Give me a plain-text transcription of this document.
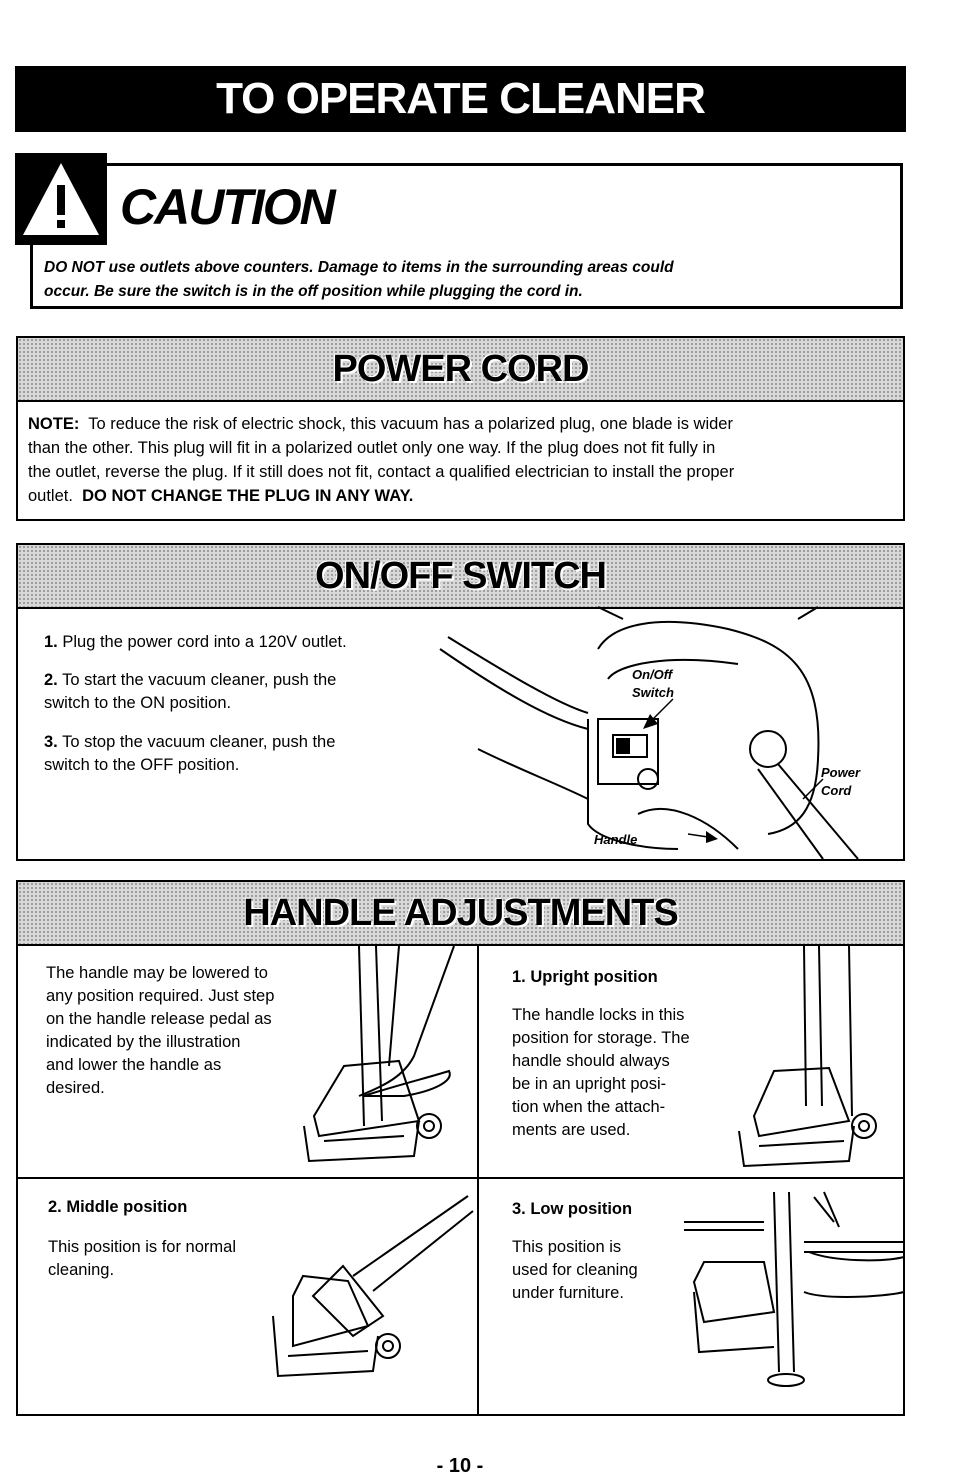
TO OPERATE CLEANER
CAUTION
DO NOT use outlets above counters. Damage to items in the surrounding areas could
occur. Be sure the switch is in the off position while plugging the cord in.
POWER CORD
NOTE: To reduce the risk of electric shock, this vacuum has a polarized plug, one blade is wider
than the other. This plug will fit in a polarized outlet only one way. If the plug does not fit fully in
the outlet, reverse the plug. If it still does not fit, contact a qualified electrician to install the proper
outlet. DO NOT CHANGE THE PLUG IN ANY WAY.
ON/OFF SWITCH
1. Plug the power cord into a 120V outlet.
2. To start the vacuum cleaner, push the
switch to the ON position.
3. To stop the vacuum cleaner, push the
switch to the OFF position.
On/Off
Switch
Power
Cord
Handle
HANDLE ADJUSTMENTS
The handle may be lowered to
any position required. Just step
on the handle release pedal as
indicated by the illustration
and lower the handle as
desired.
1. Upright position
The handle locks in this
position for storage. The
handle should always
be in an upright posi-
tion when the attach-
ments are used.
2. Middle position
This position is for normal
cleaning.
3. Low position
This position is
used for cleaning
under furniture.
- 10 -
